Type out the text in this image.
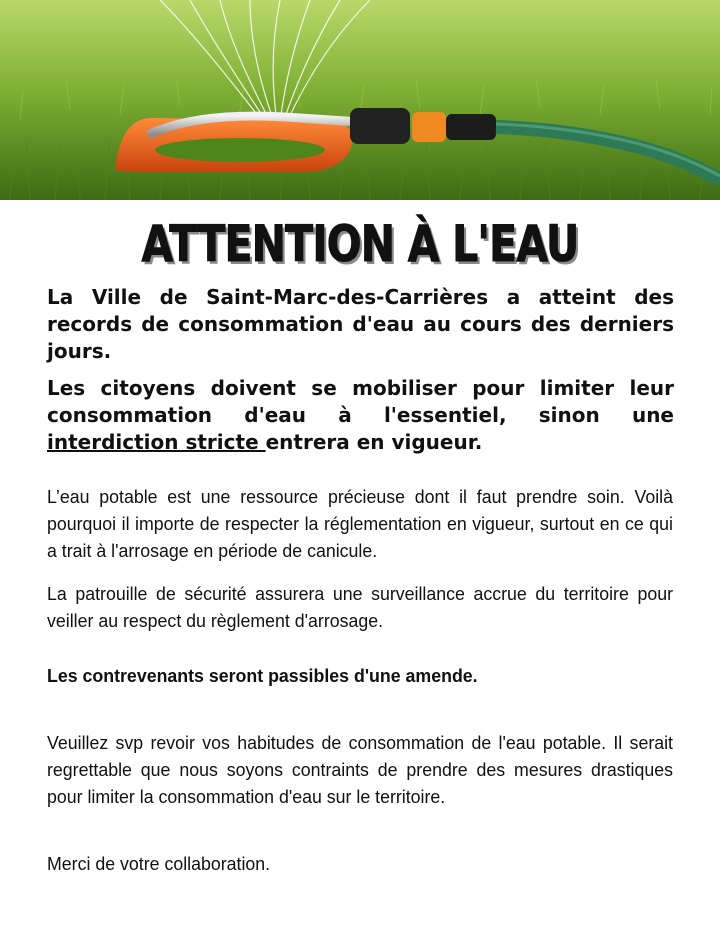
ATTENTION À L'EAU

La Ville de Saint-Marc-des-Carrières a atteint des records de consommation d'eau au cours des derniers jours.

Les citoyens doivent se mobiliser pour limiter leur consommation d'eau à l'essentiel, sinon une interdiction stricte entrera en vigueur.

L’eau potable est une ressource précieuse dont il faut prendre soin. Voilà pourquoi il importe de respecter la réglementation en vigueur, surtout en ce qui a trait à l'arrosage en période de canicule.

La patrouille de sécurité assurera une surveillance accrue du territoire pour veiller au respect du règlement d'arrosage.

Les contrevenants seront passibles d'une amende.

Veuillez svp revoir vos habitudes de consommation de l'eau potable. Il serait regrettable que nous soyons contraints de prendre des mesures drastiques pour limiter la consommation d'eau sur le territoire.

Merci de votre collaboration.
